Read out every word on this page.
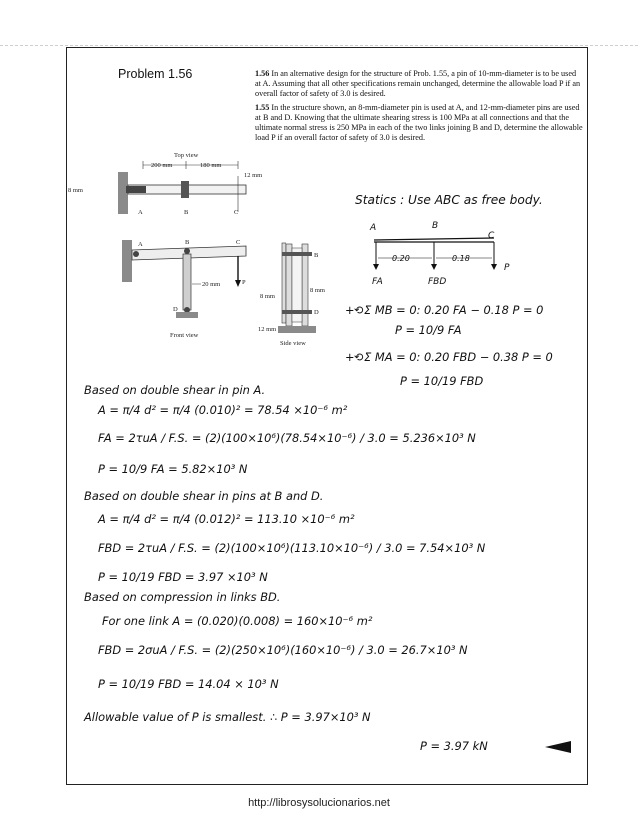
Problem 1.56	1.56 In an alternative design for the structure of Prob. 1.55, a pin of 10-mm-diameter is to be used at A. Assuming that all other specifications remain unchanged, determine the allowable load P if an overall factor of safety of 3.0 is desired.
1.55 In the structure shown, an 8-mm-diameter pin is used at A, and 12-mm-diameter pins are used at B and D. Knowing that the ultimate shearing stress is 100 MPa at all connections and that the ultimate normal stress is 250 MPa in each of the two links joining B and D, determine the allowable load P if an overall factor of safety of 3.0 is desired.
Top view
200 mm	180 mm
12 mm
8 mm
A	B	C
A	B	C
D
P
20 mm
Front view
B
D
8 mm
8 mm
12 mm
Side view
Statics : Use ABC as free body.
A	B
C
0.20	0.18
FA	FBD
P
+⟲Σ MB = 0: 0.20 FA − 0.18 P = 0
P = 10/9 FA
+⟲Σ MA = 0: 0.20 FBD − 0.38 P = 0
P = 10/19 FBD
Based on double shear in pin A.
A = π/4 d² = π/4 (0.010)² = 78.54 ×10⁻⁶ m²
FA = 2τuA / F.S. = (2)(100×10⁶)(78.54×10⁻⁶) / 3.0 = 5.236×10³ N
P = 10/9 FA = 5.82×10³ N
Based on double shear in pins at B and D.
A = π/4 d² = π/4 (0.012)² = 113.10 ×10⁻⁶ m²
FBD = 2τuA / F.S. = (2)(100×10⁶)(113.10×10⁻⁶) / 3.0 = 7.54×10³ N
P = 10/19 FBD = 3.97 ×10³ N
Based on compression in links BD.
For one link A = (0.020)(0.008) = 160×10⁻⁶ m²
FBD = 2σuA / F.S. = (2)(250×10⁶)(160×10⁻⁶) / 3.0 = 26.7×10³ N
P = 10/19 FBD = 14.04 × 10³ N
Allowable value of P is smallest. ∴ P = 3.97×10³ N
P = 3.97 kN
http://librosysolucionarios.net
